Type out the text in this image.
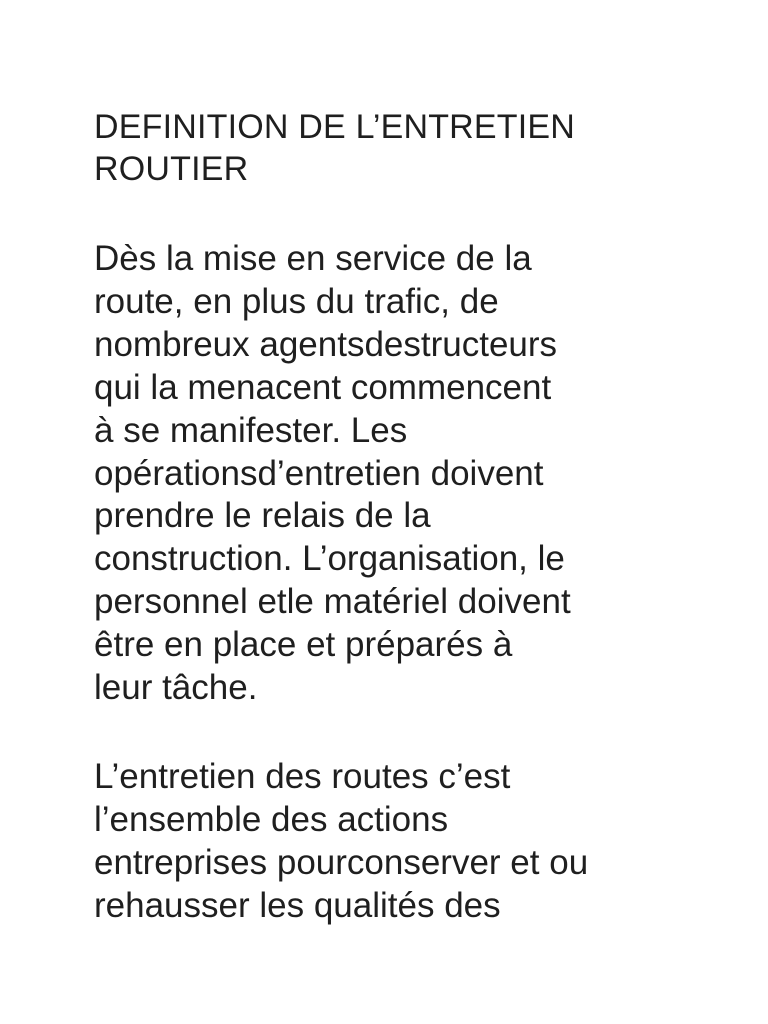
DEFINITION DE L’ENTRETIEN
ROUTIER

Dès la mise en service de la
route, en plus du trafic, de
nombreux agentsdestructeurs
qui la menacent commencent
à se manifester. Les
opérationsd’entretien doivent
prendre le relais de la
construction. L’organisation, le
personnel etle matériel doivent
être en place et préparés à
leur tâche.

L’entretien des routes c’est
l’ensemble des actions
entreprises pourconserver et ou
rehausser les qualités des
